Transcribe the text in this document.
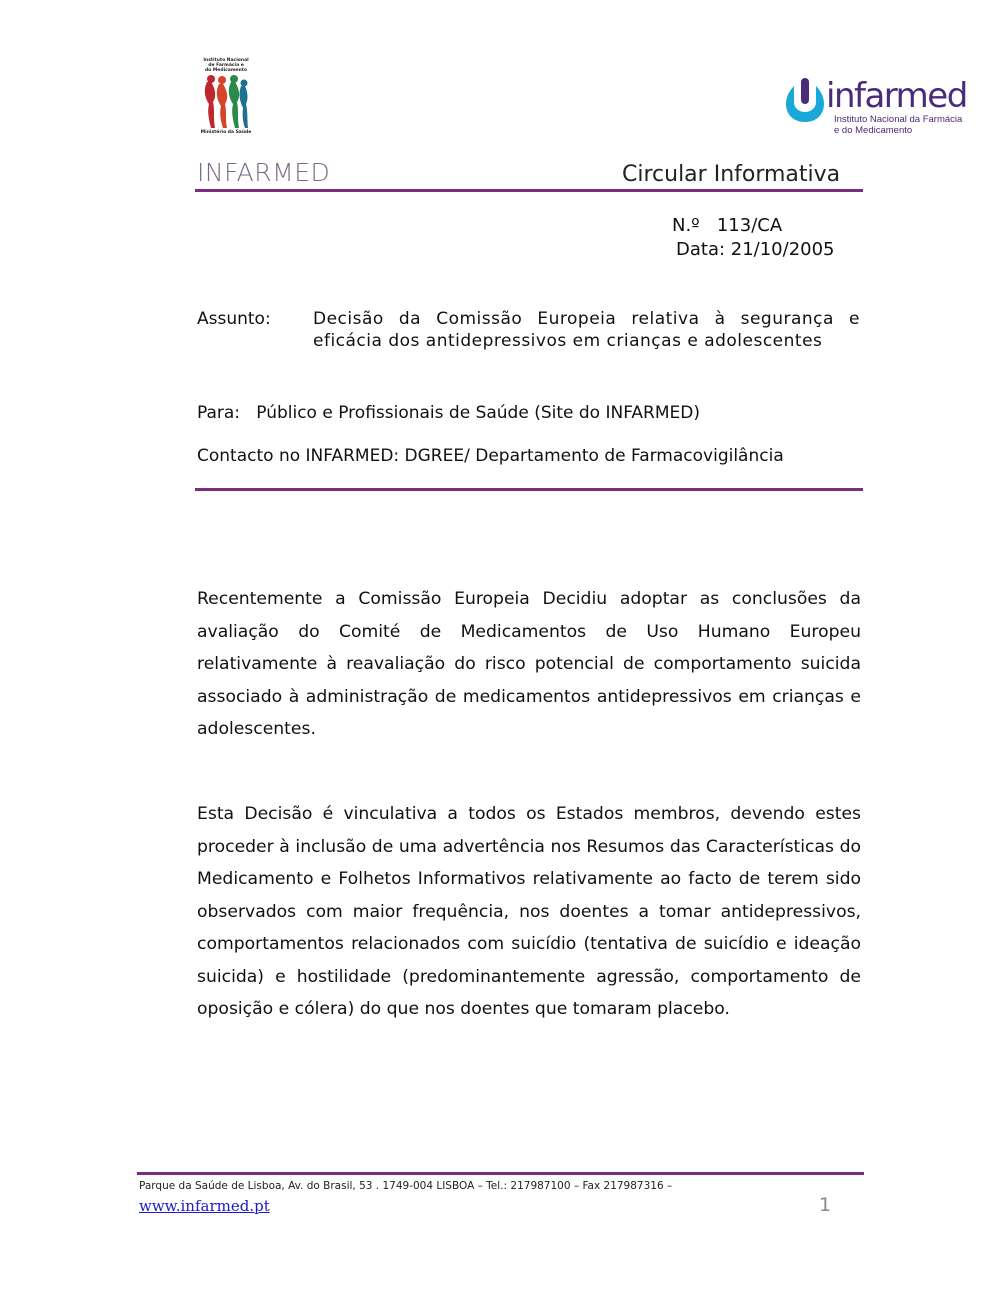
Instituto Nacional
de Farmácia e
do Medicamento
Ministério da Saúde
infarmed
Instituto Nacional da Farmácia
e do Medicamento
INFARMED	Circular Informativa
N.º   113/CA
Data: 21/10/2005
Assunto: Decisão da Comissão Europeia relativa à segurança e eficácia dos antidepressivos em crianças e adolescentes
Para:   Público e Profissionais de Saúde (Site do INFARMED)
Contacto no INFARMED: DGREE/ Departamento de Farmacovigilância
Recentemente a Comissão Europeia Decidiu adoptar as conclusões da avaliação do Comité de Medicamentos de Uso Humano Europeu relativamente à reavaliação do risco potencial de comportamento suicida associado à administração de medicamentos antidepressivos em crianças e adolescentes.
Esta Decisão é vinculativa a todos os Estados membros, devendo estes proceder à inclusão de uma advertência nos Resumos das Características do Medicamento e Folhetos Informativos relativamente ao facto de terem sido observados com maior frequência, nos doentes a tomar antidepressivos, comportamentos relacionados com suicídio (tentativa de suicídio e ideação suicida) e hostilidade (predominantemente agressão, comportamento de oposição e cólera) do que nos doentes que tomaram placebo.
Parque da Saúde de Lisboa, Av. do Brasil, 53 . 1749-004 LISBOA – Tel.: 217987100 – Fax 217987316 –
www.infarmed.pt	1
